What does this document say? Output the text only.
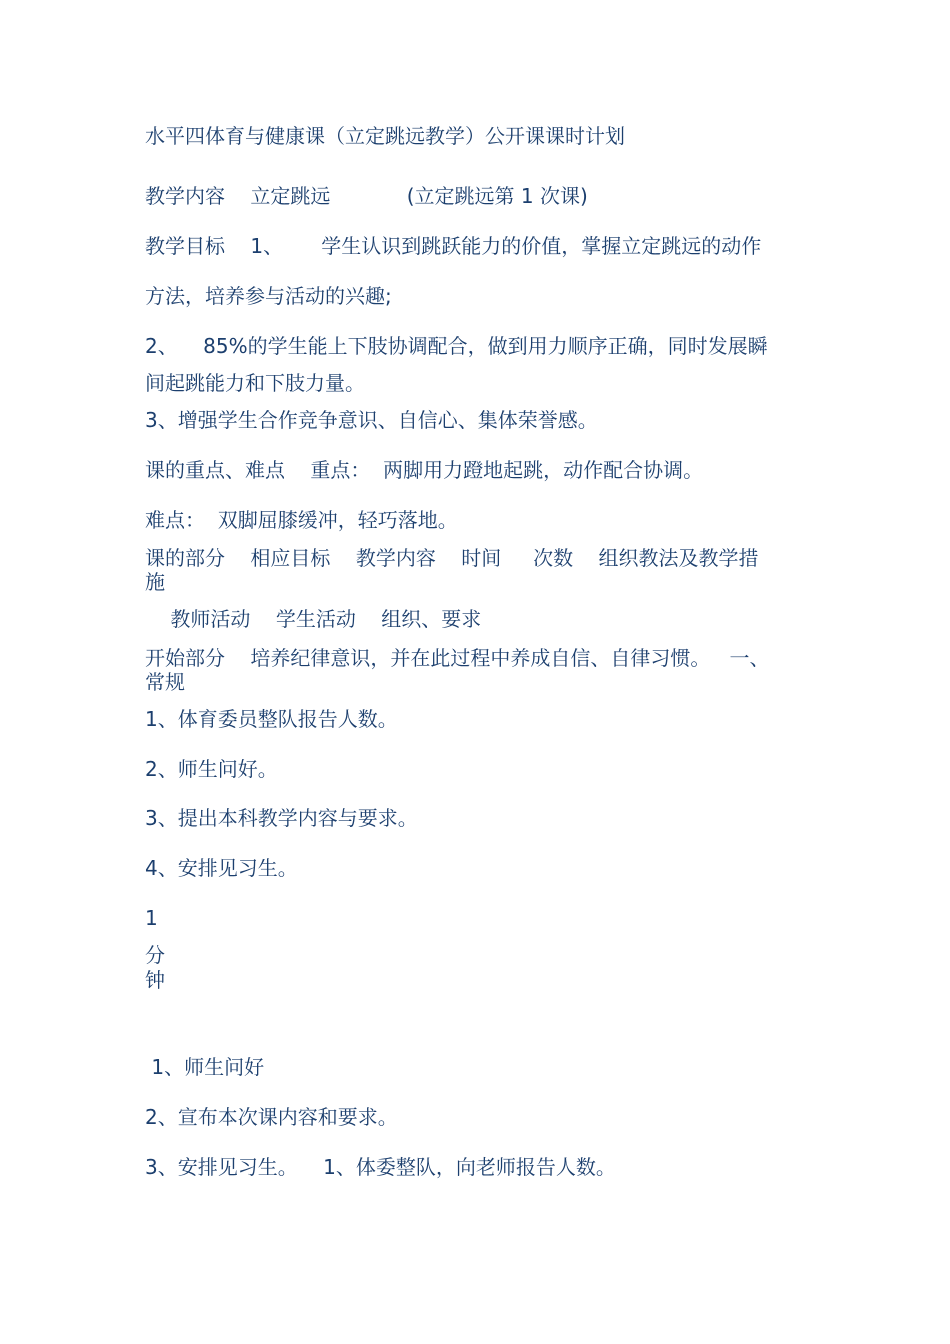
水平四体育与健康课（立定跳远教学）公开课课时计划
教学内容    立定跳远            (立定跳远第 1 次课)
教学目标    1、      学生认识到跳跃能力的价值，掌握立定跳远的动作
方法，培养参与活动的兴趣;
2、    85%的学生能上下肢协调配合，做到用力顺序正确，同时发展瞬
间起跳能力和下肢力量。
3、增强学生合作竞争意识、自信心、集体荣誉感。
课的重点、难点    重点：  两脚用力蹬地起跳，动作配合协调。
难点：  双脚屈膝缓冲，轻巧落地。
课的部分    相应目标    教学内容    时间     次数    组织教法及教学措
施
教师活动    学生活动    组织、要求
开始部分    培养纪律意识，并在此过程中养成自信、自律习惯。   一、
常规
1、体育委员整队报告人数。
2、师生问好。
3、提出本科教学内容与要求。
4、安排见习生。
1
分
钟
1、师生问好
2、宣布本次课内容和要求。
3、安排见习生。    1、体委整队，向老师报告人数。
